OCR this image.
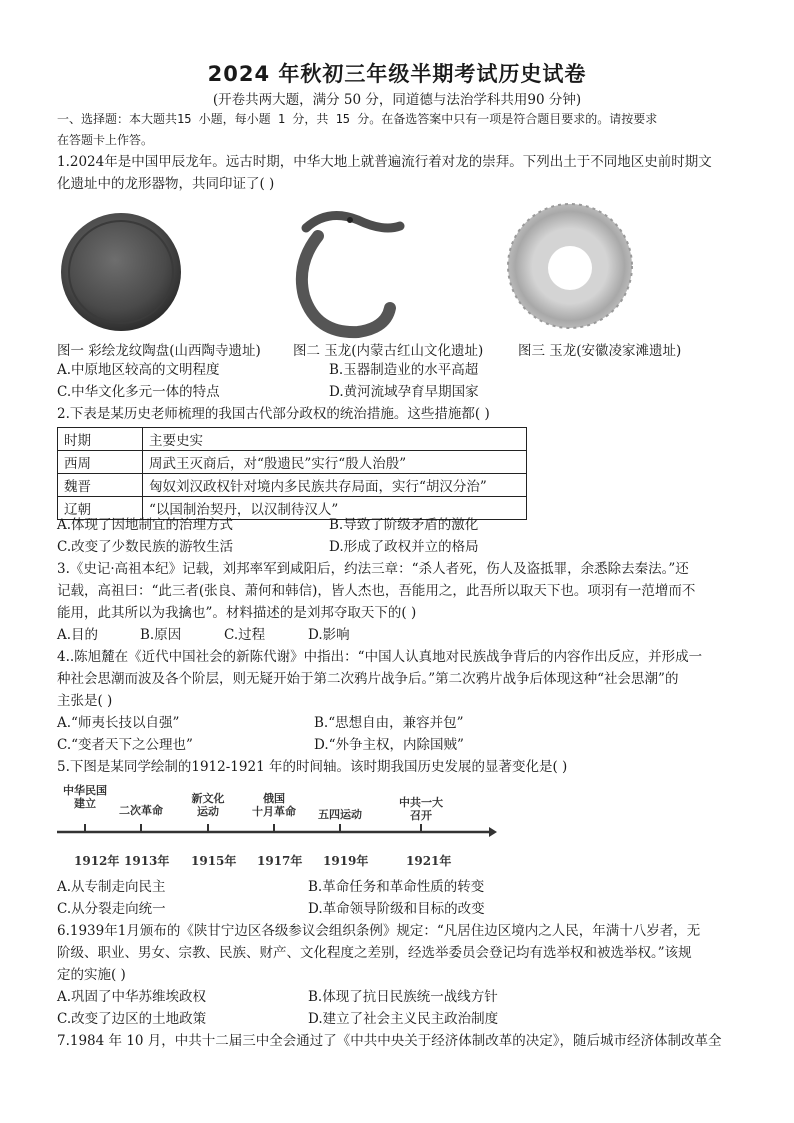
2024 年秋初三年级半期考试历史试卷
(开卷共两大题，满分 50 分，同道德与法治学科共用90 分钟)
一、选择题：本大题共15 小题，每小题 1 分，共 15 分。在备选答案中只有一项是符合题目要求的。请按要求
在答题卡上作答。
1.2024年是中国甲辰龙年。远古时期，中华大地上就普遍流行着对龙的崇拜。下列出土于不同地区史前时期文
化遗址中的龙形器物，共同印证了( )
图一 彩绘龙纹陶盘(山西陶寺遗址) 图二 玉龙(内蒙古红山文化遗址)	图三 玉龙(安徽凌家滩遗址)
A.中原地区较高的文明程度	B.玉器制造业的水平高超
C.中华文化多元一体的特点	D.黄河流域孕育早期国家
2.下表是某历史老师梳理的我国古代部分政权的统治措施。这些措施都( )
时期	主要史实
西周	周武王灭商后，对“殷遗民”实行“殷人治殷”
魏晋	匈奴刘汉政权针对境内多民族共存局面，实行“胡汉分治”
辽朝	“以国制治契丹，以汉制待汉人”
A.体现了因地制宜的治理方式	B.导致了阶级矛盾的激化
C.改变了少数民族的游牧生活	D.形成了政权并立的格局
3.《史记·高祖本纪》记载，刘邦率军到咸阳后，约法三章：“杀人者死，伤人及盗抵罪，余悉除去秦法。”还
记载，高祖曰：“此三者(张良、萧何和韩信)，皆人杰也，吾能用之，此吾所以取天下也。项羽有一范增而不
能用，此其所以为我擒也”。材料描述的是刘邦夺取天下的( )
A.目的	B.原因	C.过程	D.影响
4..陈旭麓在《近代中国社会的新陈代谢》中指出：“中国人认真地对民族战争背后的内容作出反应，并形成一
种社会思潮而波及各个阶层，则无疑开始于第二次鸦片战争后。”第二次鸦片战争后体现这种“社会思潮”的
主张是( )
A.“师夷长技以自强”	B.“思想自由，兼容并包”
C.“变者天下之公理也”	D.“外争主权，内除国贼”
5.下图是某同学绘制的1912-1921 年的时间轴。该时期我国历史发展的显著变化是( )
中华民国
建立
二次革命
新文化
运动
俄国
十月革命	五四运动
中共一大
召开
1912年 1913年 1915年 1917年 1919年	1921年
A.从专制走向民主	B.革命任务和革命性质的转变
C.从分裂走向统一	D.革命领导阶级和目标的改变
6.1939年1月颁布的《陕甘宁边区各级参议会组织条例》规定：“凡居住边区境内之人民，年满十八岁者，无
阶级、职业、男女、宗教、民族、财产、文化程度之差别，经选举委员会登记均有选举权和被选举权。”该规
定的实施( )
A.巩固了中华苏维埃政权	B.体现了抗日民族统一战线方针
C.改变了边区的土地政策	D.建立了社会主义民主政治制度
7.1984 年 10 月，中共十二届三中全会通过了《中共中央关于经济体制改革的决定》，随后城市经济体制改革全
